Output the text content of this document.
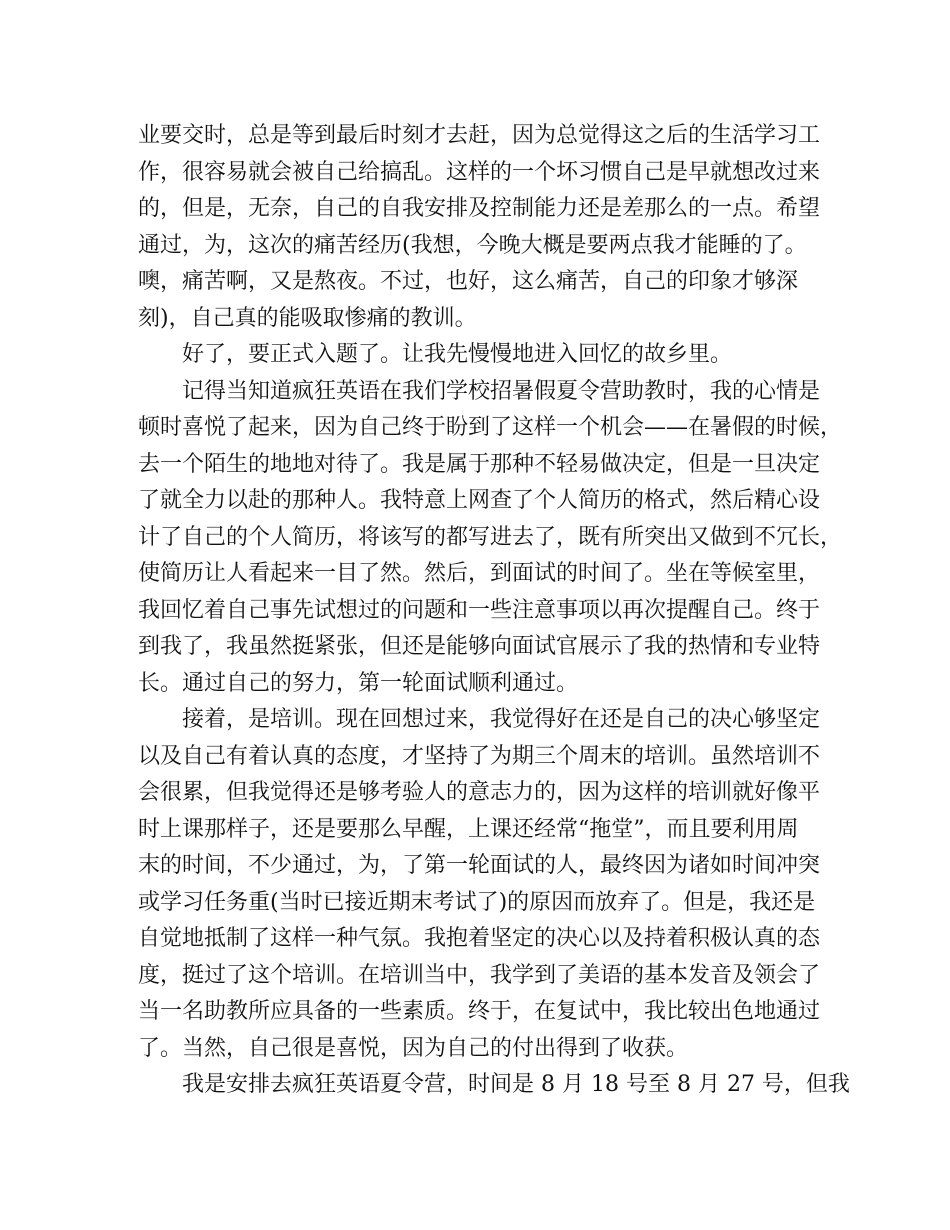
业要交时，总是等到最后时刻才去赶，因为总觉得这之后的生活学习工
作，很容易就会被自己给搞乱。这样的一个坏习惯自己是早就想改过来
的，但是，无奈，自己的自我安排及控制能力还是差那么的一点。希望
通过，为，这次的痛苦经历(我想，今晚大概是要两点我才能睡的了。
噢，痛苦啊，又是熬夜。不过，也好，这么痛苦，自己的印象才够深
刻)，自己真的能吸取惨痛的教训。
好了，要正式入题了。让我先慢慢地进入回忆的故乡里。
记得当知道疯狂英语在我们学校招暑假夏令营助教时，我的心情是
顿时喜悦了起来，因为自己终于盼到了这样一个机会——在暑假的时候，
去一个陌生的地地对待了。我是属于那种不轻易做决定，但是一旦决定
了就全力以赴的那种人。我特意上网查了个人简历的格式，然后精心设
计了自己的个人简历，将该写的都写进去了，既有所突出又做到不冗长，
使简历让人看起来一目了然。然后，到面试的时间了。坐在等候室里，
我回忆着自己事先试想过的问题和一些注意事项以再次提醒自己。终于
到我了，我虽然挺紧张，但还是能够向面试官展示了我的热情和专业特
长。通过自己的努力，第一轮面试顺利通过。
接着，是培训。现在回想过来，我觉得好在还是自己的决心够坚定
以及自己有着认真的态度，才坚持了为期三个周末的培训。虽然培训不
会很累，但我觉得还是够考验人的意志力的，因为这样的培训就好像平
时上课那样子，还是要那么早醒，上课还经常“拖堂”，而且要利用周
末的时间，不少通过，为，了第一轮面试的人，最终因为诸如时间冲突
或学习任务重(当时已接近期末考试了)的原因而放弃了。但是，我还是
自觉地抵制了这样一种气氛。我抱着坚定的决心以及持着积极认真的态
度，挺过了这个培训。在培训当中，我学到了美语的基本发音及领会了
当一名助教所应具备的一些素质。终于，在复试中，我比较出色地通过
了。当然，自己很是喜悦，因为自己的付出得到了收获。
我是安排去疯狂英语夏令营，时间是 8 月 18 号至 8 月 27 号，但我
